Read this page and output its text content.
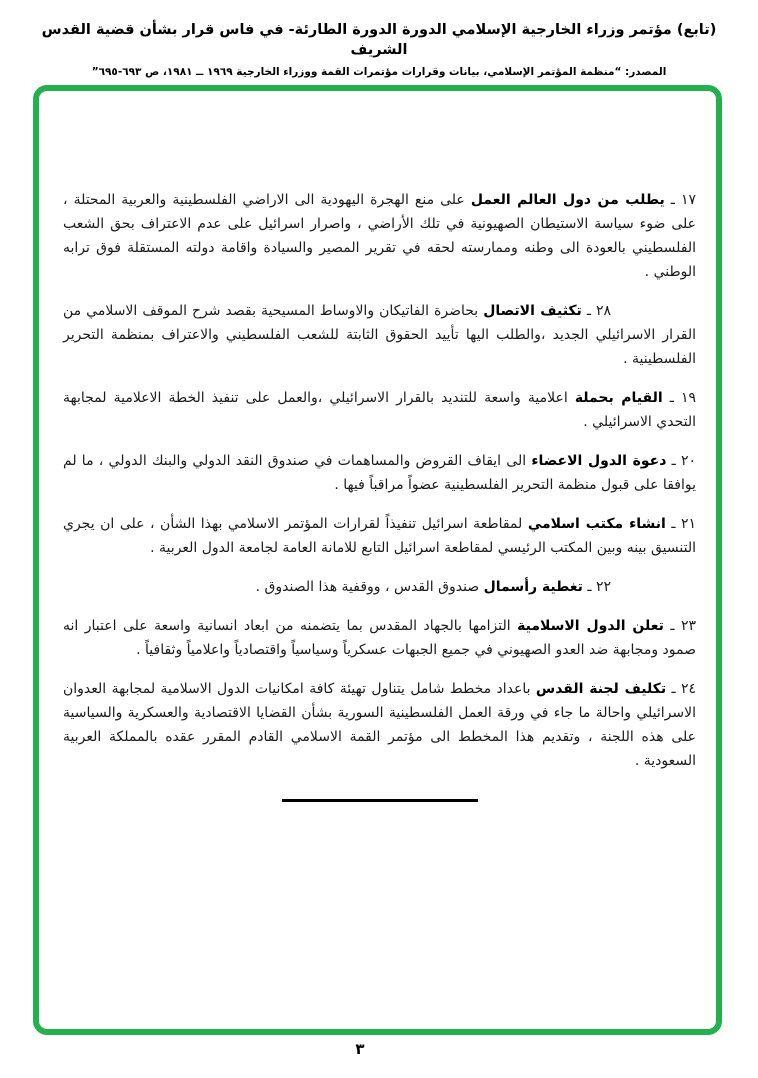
(تابع) مؤتمر وزراء الخارجية الإسلامي الدورة الدورة الطارئة- في فاس قرار بشأن قضية القدس الشريف
المصدر: “منظمة المؤتمر الإسلامي، بيانات وقرارات مؤتمرات القمة ووزراء الخارجية ١٩٦٩ ــ ١٩٨١، ص ٦٩٣-٦٩٥”

١٧ ـ يطلب من دول العالم العمل على منع الهجرة اليهودية الى الاراضي الفلسطينية والعربية المحتلة ، على ضوء سياسة الاستيطان الصهيونية في تلك الأراضي ، واصرار اسرائيل على عدم الاعتراف بحق الشعب الفلسطيني بالعودة الى وطنه وممارسته لحقه في تقرير المصير والسيادة واقامة دولته المستقلة فوق ترابه الوطني .

٢٨ ـ تكثيف الاتصال بحاضرة الفاتيكان والاوساط المسيحية بقصد شرح الموقف الاسلامي من القرار الاسرائيلي الجديد ،والطلب اليها تأييد الحقوق الثابتة للشعب الفلسطيني والاعتراف بمنظمة التحرير الفلسطينية .

١٩ ـ القيام بحملة اعلامية واسعة للتنديد بالقرار الاسرائيلي ،والعمل على تنفيذ الخطة الاعلامية لمجابهة التحدي الاسرائيلي .

٢٠ ـ دعوة الدول الاعضاء الى ايقاف القروض والمساهمات في صندوق النقد الدولي والبنك الدولي ، ما لم يوافقا على قبول منظمة التحرير الفلسطينية عضواً مراقباً فيها .

٢١ ـ انشاء مكتب اسلامي لمقاطعة اسرائيل تنفيذاً لقرارات المؤتمر الاسلامي بهذا الشأن ، على ان يجري التنسيق بينه وبين المكتب الرئيسي لمقاطعة اسرائيل التابع للامانة العامة لجامعة الدول العربية .

٢٢ ـ تغطية رأسمال صندوق القدس ، ووقفية هذا الصندوق .

٢٣ ـ تعلن الدول الاسلامية التزامها بالجهاد المقدس بما يتضمنه من ابعاد انسانية واسعة على اعتبار انه صمود ومجابهة ضد العدو الصهيوني في جميع الجبهات عسكرياً وسياسياً واقتصادياً واعلامياً وثقافياً .

٢٤ ـ تكليف لجنة القدس باعداد مخطط شامل يتناول تهيئة كافة امكانيات الدول الاسلامية لمجابهة العدوان الاسرائيلي واحالة ما جاء في ورقة العمل الفلسطينية السورية بشأن القضايا الاقتصادية والعسكرية والسياسية على هذه اللجنة ، وتقديم هذا المخطط الى مؤتمر القمة الاسلامي القادم المقرر عقده بالمملكة العربية السعودية .

٣
